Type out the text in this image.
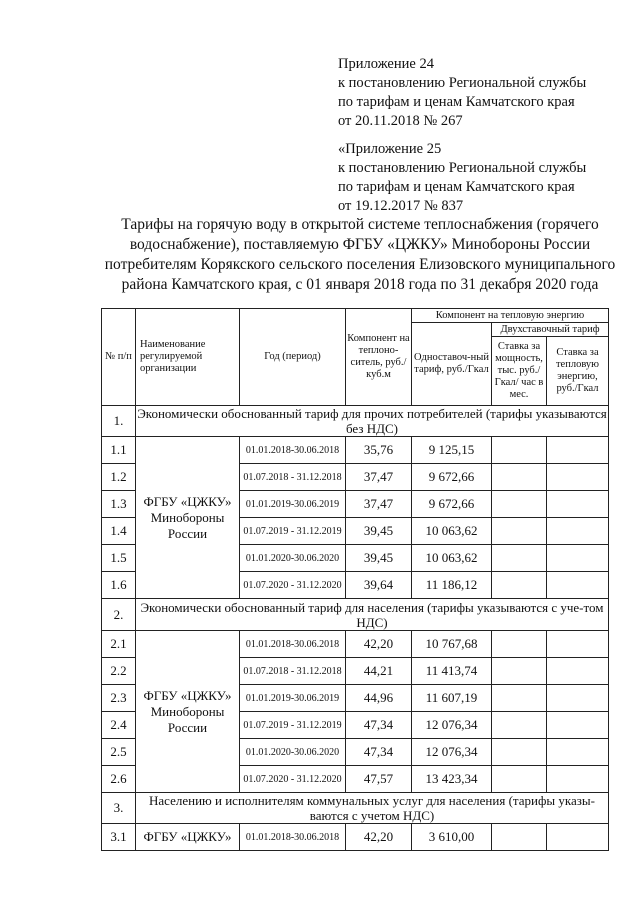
Приложение 24
к постановлению Региональной службы
по тарифам и ценам Камчатского края
от 20.11.2018 № 267
«Приложение 25
к постановлению Региональной службы
по тарифам и ценам Камчатского края
от 19.12.2017 № 837
Тарифы на горячую воду в открытой системе теплоснабжения (горячего
водоснабжение), поставляемую ФГБУ «ЦЖКУ» Минобороны России
потребителям Корякского сельского поселения Елизовского муниципального
района Камчатского края, с 01 января 2018 года по 31 декабря 2020 года
№ п/п	Наименование регулируемой организации	Год (период)	Компонент на теплоно-ситель, руб./куб.м	Компонент на тепловую энергию		
				Одноставоч-ный тариф, руб./Гкал	Двухставочный тариф	
					Ставка за мощность, тыс. руб./Гкал/ час в мес.	Ставка за тепловую энергию, руб./Гкал
1.	Экономически обоснованный тариф для прочих потребителей (тарифы указываются без НДС)					
1.1	ФГБУ «ЦЖКУ» Минобороны России	01.01.2018-30.06.2018	35,76	9 125,15		
1.2		01.07.2018 - 31.12.2018	37,47	9 672,66		
1.3		01.01.2019-30.06.2019	37,47	9 672,66		
1.4		01.07.2019 - 31.12.2019	39,45	10 063,62		
1.5		01.01.2020-30.06.2020	39,45	10 063,62		
1.6		01.07.2020 - 31.12.2020	39,64	11 186,12		
2.	Экономически обоснованный тариф для населения (тарифы указываются с уче-том НДС)					
2.1	ФГБУ «ЦЖКУ» Минобороны России	01.01.2018-30.06.2018	42,20	10 767,68		
2.2		01.07.2018 - 31.12.2018	44,21	11 413,74		
2.3		01.01.2019-30.06.2019	44,96	11 607,19		
2.4		01.07.2019 - 31.12.2019	47,34	12 076,34		
2.5		01.01.2020-30.06.2020	47,34	12 076,34		
2.6		01.07.2020 - 31.12.2020	47,57	13 423,34		
3.	Населению и исполнителям коммунальных услуг для населения (тарифы указы-ваются с учетом НДС)					
3.1	ФГБУ «ЦЖКУ»	01.01.2018-30.06.2018	42,20	3 610,00		
